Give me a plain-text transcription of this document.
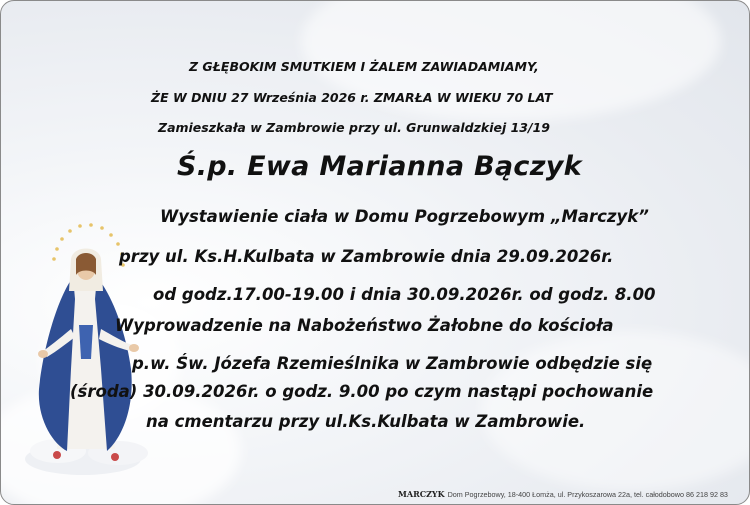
Z GŁĘBOKIM SMUTKIEM I ŻALEM ZAWIADAMIAMY,
ŻE W DNIU 27 Września 2026 r. ZMARŁA W WIEKU 70 LAT
Zamieszkała w Zambrowie przy ul. Grunwaldzkiej 13/19
Ś.p. Ewa Marianna Bączyk
Wystawienie ciała w Domu Pogrzebowym „Marczyk”
przy ul. Ks.H.Kulbata w Zambrowie dnia 29.09.2026r.
od godz.17.00-19.00 i dnia 30.09.2026r. od godz. 8.00
Wyprowadzenie na Nabożeństwo Żałobne do kościoła
p.w. Św. Józefa Rzemieślnika w Zambrowie odbędzie się
(środa) 30.09.2026r. o godz. 9.00 po czym nastąpi pochowanie
na cmentarzu przy ul.Ks.Kulbata w Zambrowie.
MARCZYK Dom Pogrzebowy, 18-400 Łomża, ul. Przykoszarowa 22a, tel. całodobowo 86 218 92 83
